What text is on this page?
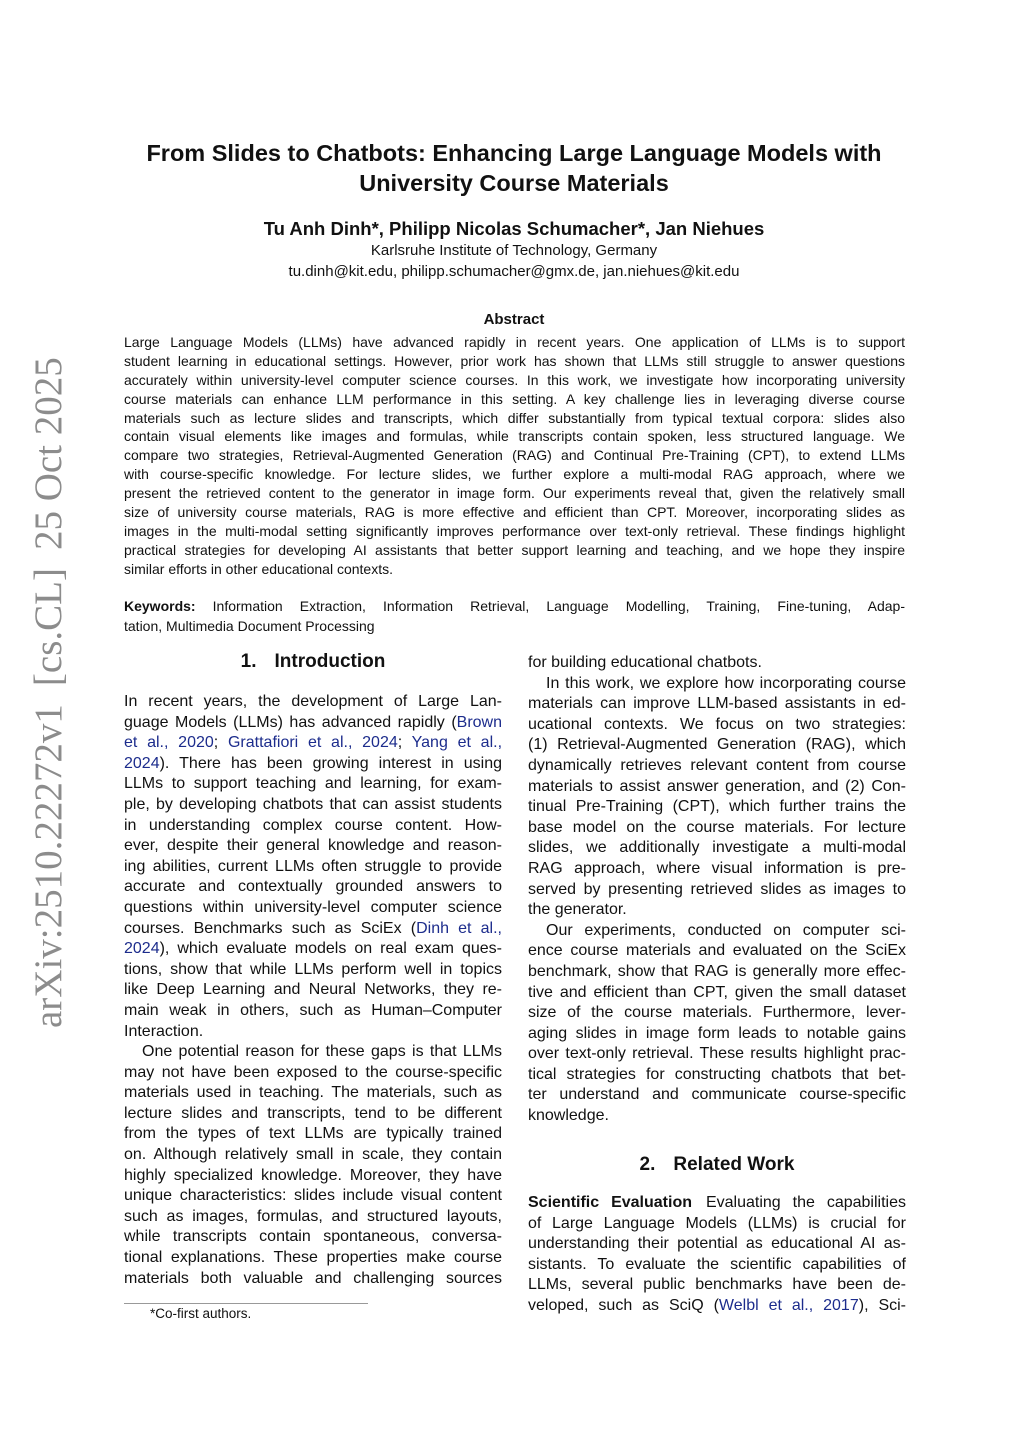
arXiv:2510.22272v1
[cs.CL]
25 Oct 2025
From Slides to Chatbots: Enhancing Large Language Models with
University Course Materials
Tu Anh Dinh*, Philipp Nicolas Schumacher*, Jan Niehues
Karlsruhe Institute of Technology, Germany
tu.dinh@kit.edu, philipp.schumacher@gmx.de, jan.niehues@kit.edu
Abstract
Large Language Models (LLMs) have advanced rapidly in recent years. One application of LLMs is to support
student learning in educational settings. However, prior work has shown that LLMs still struggle to answer questions
accurately within university-level computer science courses. In this work, we investigate how incorporating university
course materials can enhance LLM performance in this setting. A key challenge lies in leveraging diverse course
materials such as lecture slides and transcripts, which differ substantially from typical textual corpora: slides also
contain visual elements like images and formulas, while transcripts contain spoken, less structured language. We
compare two strategies, Retrieval-Augmented Generation (RAG) and Continual Pre-Training (CPT), to extend LLMs
with course-specific knowledge. For lecture slides, we further explore a multi-modal RAG approach, where we
present the retrieved content to the generator in image form. Our experiments reveal that, given the relatively small
size of university course materials, RAG is more effective and efficient than CPT. Moreover, incorporating slides as
images in the multi-modal setting significantly improves performance over text-only retrieval. These findings highlight
practical strategies for developing AI assistants that better support learning and teaching, and we hope they inspire
similar efforts in other educational contexts.
Keywords: Information Extraction, Information Retrieval, Language Modelling, Training, Fine-tuning, Adap-
tation, Multimedia Document Processing
1. Introduction
In recent years, the development of Large Lan-
guage Models (LLMs) has advanced rapidly (Brown
et al., 2020; Grattafiori et al., 2024; Yang et al.,
2024). There has been growing interest in using
LLMs to support teaching and learning, for exam-
ple, by developing chatbots that can assist students
in understanding complex course content. How-
ever, despite their general knowledge and reason-
ing abilities, current LLMs often struggle to provide
accurate and contextually grounded answers to
questions within university-level computer science
courses. Benchmarks such as SciEx (Dinh et al.,
2024), which evaluate models on real exam ques-
tions, show that while LLMs perform well in topics
like Deep Learning and Neural Networks, they re-
main weak in others, such as Human–Computer
Interaction.
One potential reason for these gaps is that LLMs
may not have been exposed to the course-specific
materials used in teaching. The materials, such as
lecture slides and transcripts, tend to be different
from the types of text LLMs are typically trained
on. Although relatively small in scale, they contain
highly specialized knowledge. Moreover, they have
unique characteristics: slides include visual content
such as images, formulas, and structured layouts,
while transcripts contain spontaneous, conversa-
tional explanations. These properties make course
materials both valuable and challenging sources
for building educational chatbots.
In this work, we explore how incorporating course
materials can improve LLM-based assistants in ed-
ucational contexts. We focus on two strategies:
(1) Retrieval-Augmented Generation (RAG), which
dynamically retrieves relevant content from course
materials to assist answer generation, and (2) Con-
tinual Pre-Training (CPT), which further trains the
base model on the course materials. For lecture
slides, we additionally investigate a multi-modal
RAG approach, where visual information is pre-
served by presenting retrieved slides as images to
the generator.
Our experiments, conducted on computer sci-
ence course materials and evaluated on the SciEx
benchmark, show that RAG is generally more effec-
tive and efficient than CPT, given the small dataset
size of the course materials. Furthermore, lever-
aging slides in image form leads to notable gains
over text-only retrieval. These results highlight prac-
tical strategies for constructing chatbots that bet-
ter understand and communicate course-specific
knowledge.
2. Related Work
Scientific Evaluation Evaluating the capabilities
of Large Language Models (LLMs) is crucial for
understanding their potential as educational AI as-
sistants. To evaluate the scientific capabilities of
LLMs, several public benchmarks have been de-
veloped, such as SciQ (Welbl et al., 2017), Sci-
*Co-first authors.
